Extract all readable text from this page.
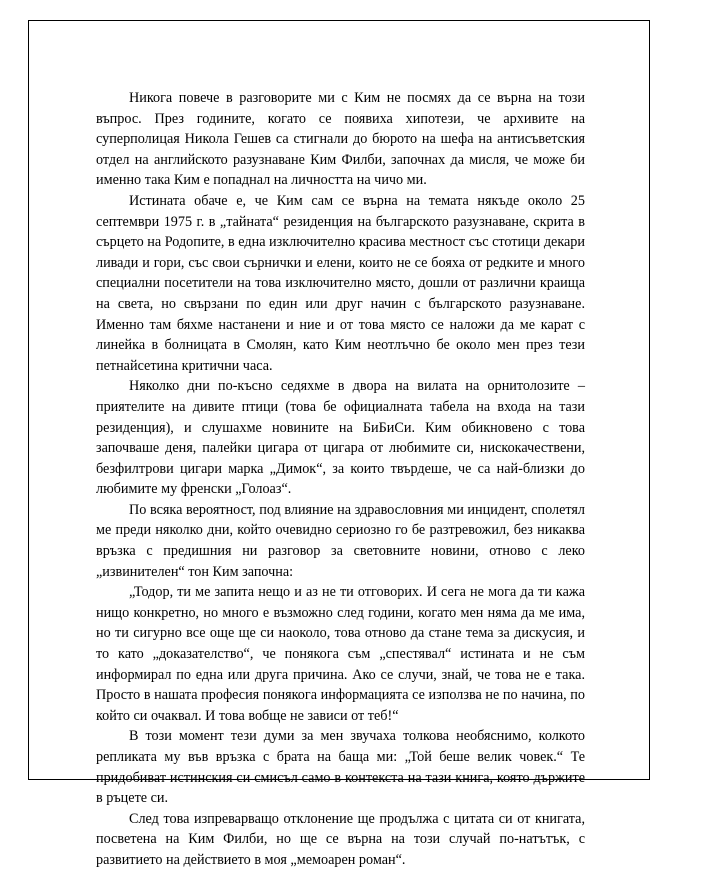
Никога повече в разговорите ми с Ким не посмях да се върна на този въпрос. През годините, когато се появиха хипотези, че архивите на суперполицая Никола Гешев са стигнали до бюрото на шефа на антисъветския отдел на английското разузнаване Ким Филби, започнах да мисля, че може би именно така Ким е попаднал на личността на чичо ми.

Истината обаче е, че Ким сам се върна на темата някъде около 25 септември 1975 г. в „тайната“ резиденция на българското разузнаване, скрита в сърцето на Родопите, в една изключително красива местност със стотици декари ливади и гори, със свои сърнички и елени, които не се бояха от редките и много специални посетители на това изключително място, дошли от различни краища на света, но свързани по един или друг начин с българското разузнаване. Именно там бяхме настанени и ние и от това място се наложи да ме карат с линейка в болницата в Смолян, като Ким неотлъчно бе около мен през тези петнайсетина критични часа.

Няколко дни по-късно седяхме в двора на вилата на орнитолозите – приятелите на дивите птици (това бе официалната табела на входа на тази резиденция), и слушахме новините на БиБиСи. Ким обикновено с това започваше деня, палейки цигара от цигара от любимите си, нискокачествени, безфилтрови цигари марка „Димок“, за които твърдеше, че са най-близки до любимите му френски „Голоаз“.

По всяка вероятност, под влияние на здравословния ми инцидент, сполетял ме преди няколко дни, който очевидно сериозно го бе разтревожил, без никаква връзка с предишния ни разговор за световните новини, отново с леко „извинителен“ тон Ким започна:

„Тодор, ти ме запита нещо и аз не ти отговорих. И сега не мога да ти кажа нищо конкретно, но много е възможно след години, когато мен няма да ме има, но ти сигурно все още ще си наоколо, това отново да стане тема за дискусия, и то като „доказателство“, че понякога съм „спестявал“ истината и не съм информирал по една или друга причина. Ако се случи, знай, че това не е така. Просто в нашата професия понякога информацията се използва не по начина, по който си очаквал. И това вобще не зависи от теб!“

В този момент тези думи за мен звучаха толкова необяснимо, колкото репликата му във връзка с брата на баща ми: „Той беше велик човек.“ Те придобиват истинския си смисъл само в контекста на тази книга, която държите в ръцете си.

След това изпреварващо отклонение ще продължа с цитата си от книгата, посветена на Ким Филби, но ще се върна на този случай по-натътък, с развитието на действието в моя „мемоарен роман“.
